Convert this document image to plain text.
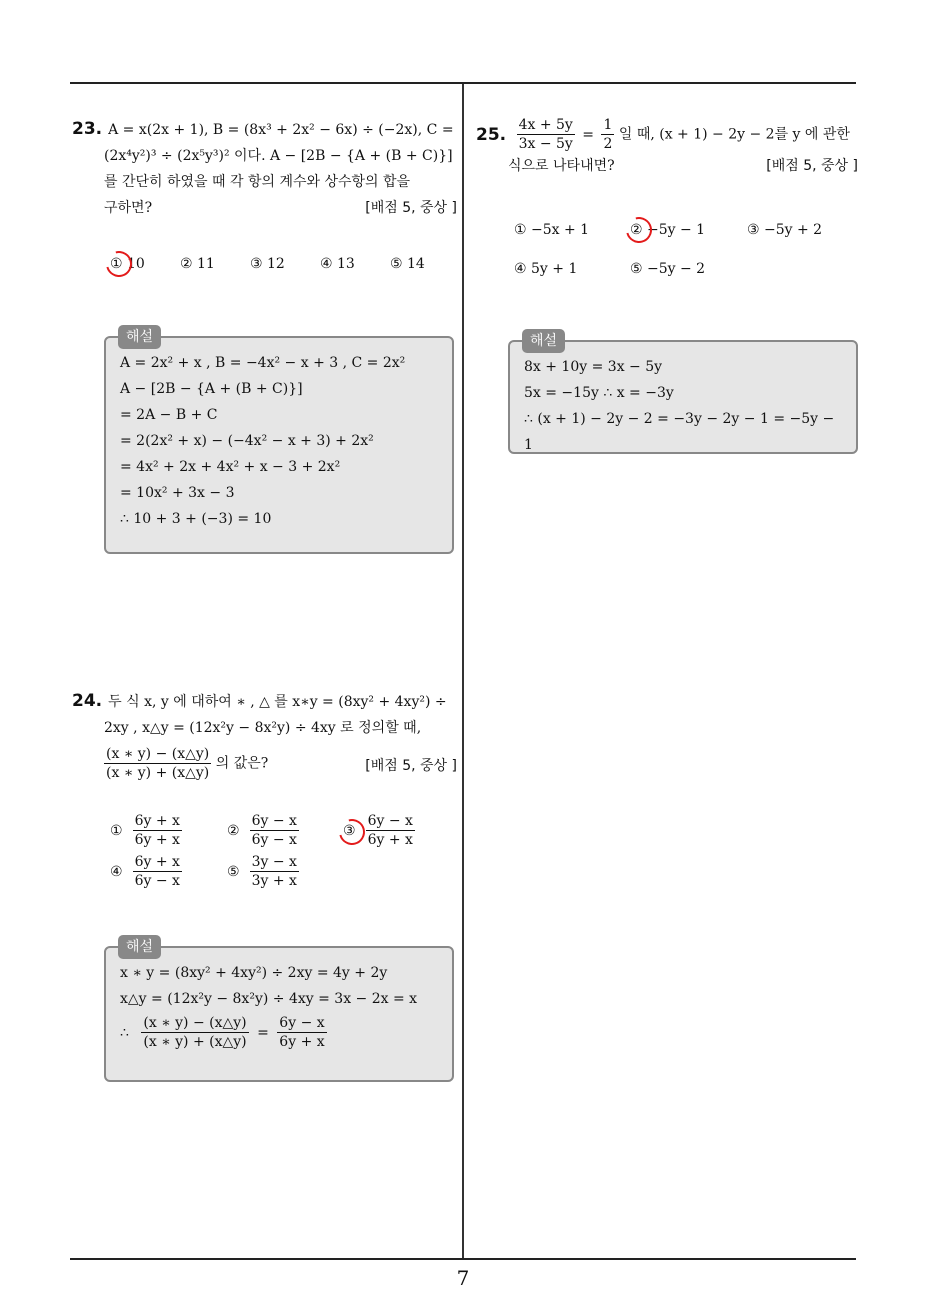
7
23. A = x(2x + 1), B = (8x³ + 2x² − 6x) ÷ (−2x), C =
(2x⁴y²)³ ÷ (2x⁵y³)² 이다. A − [2B − {A + (B + C)}]
를 간단히 하였을 때 각 항의 계수와 상수항의 합을
구하면?	[배점 5, 중상 ]
① 10	② 11	③ 12	④ 13	⑤ 14
A = 2x² + x , B = −4x² − x + 3 , C = 2x²
A − [2B − {A + (B + C)}]
= 2A − B + C
= 2(2x² + x) − (−4x² − x + 3) + 2x²
= 4x² + 2x + 4x² + x − 3 + 2x²
= 10x² + 3x − 3
∴ 10 + 3 + (−3) = 10
해설
24. 두 식 x, y 에 대하여 ∗ , △ 를 x∗y = (8xy² + 4xy²) ÷
2xy , x△y = (12x²y − 8x²y) ÷ 4xy 로 정의할 때,
$\frac{(x ∗ y) - (x\triangle y)}{(x ∗ y) + (x\triangle y)}$ 의 값은?	[배점 5, 중상 ]
① $\frac{6y + x}{6y + x}$	② $\frac{6y - x}{6y - x}$	③ $\frac{6y - x}{6y + x}$
④ $\frac{6y + x}{6y - x}$	⑤ $\frac{3y - x}{3y + x}$
x ∗ y = (8xy² + 4xy²) ÷ 2xy = 4y + 2y
x△y = (12x²y − 8x²y) ÷ 4xy = 3x − 2x = x
∴ $\frac{(x ∗ y) - (x\triangle y)}{(x ∗ y) + (x\triangle y)} = \frac{6y - x}{6y + x}$
해설
25. $\frac{4x + 5y}{3x - 5y} = \frac{1}{2}$ 일 때, (x + 1) − 2y − 2를 y 에 관한
식으로 나타내면?	[배점 5, 중상 ]
① −5x + 1	② −5y − 1	③ −5y + 2
④ 5y + 1	⑤ −5y − 2
8x + 10y = 3x − 5y
5x = −15y ∴ x = −3y
∴ (x + 1) − 2y − 2 = −3y − 2y − 1 = −5y − 1
해설
